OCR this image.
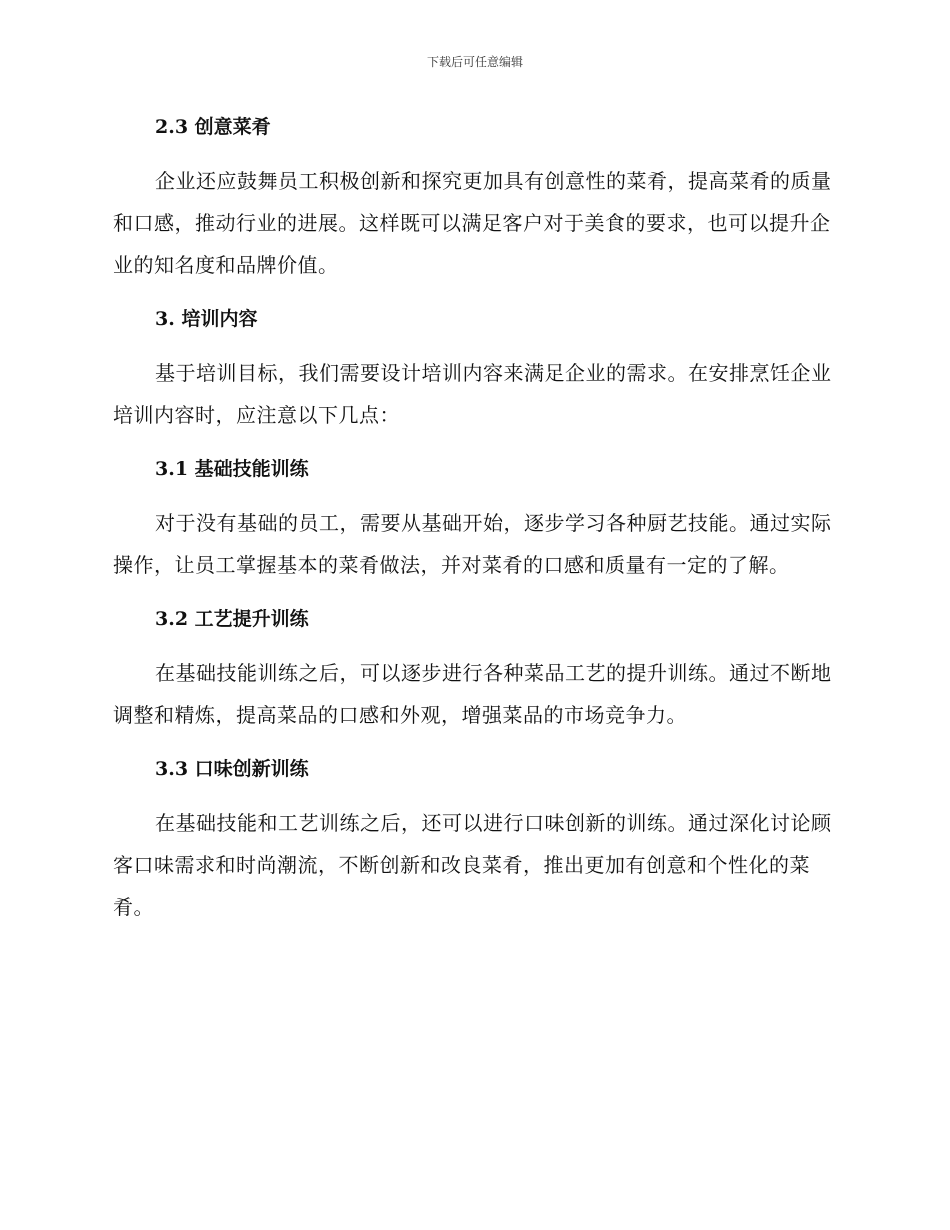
下载后可任意编辑
2.3 创意菜肴

企业还应鼓舞员工积极创新和探究更加具有创意性的菜肴，提高菜肴的质量和口感，推动行业的进展。这样既可以满足客户对于美食的要求，也可以提升企业的知名度和品牌价值。

3. 培训内容

基于培训目标，我们需要设计培训内容来满足企业的需求。在安排烹饪企业培训内容时，应注意以下几点：

3.1 基础技能训练

对于没有基础的员工，需要从基础开始，逐步学习各种厨艺技能。通过实际操作，让员工掌握基本的菜肴做法，并对菜肴的口感和质量有一定的了解。

3.2 工艺提升训练

在基础技能训练之后，可以逐步进行各种菜品工艺的提升训练。通过不断地调整和精炼，提高菜品的口感和外观，增强菜品的市场竞争力。

3.3 口味创新训练

在基础技能和工艺训练之后，还可以进行口味创新的训练。通过深化讨论顾客口味需求和时尚潮流，不断创新和改良菜肴，推出更加有创意和个性化的菜肴。
